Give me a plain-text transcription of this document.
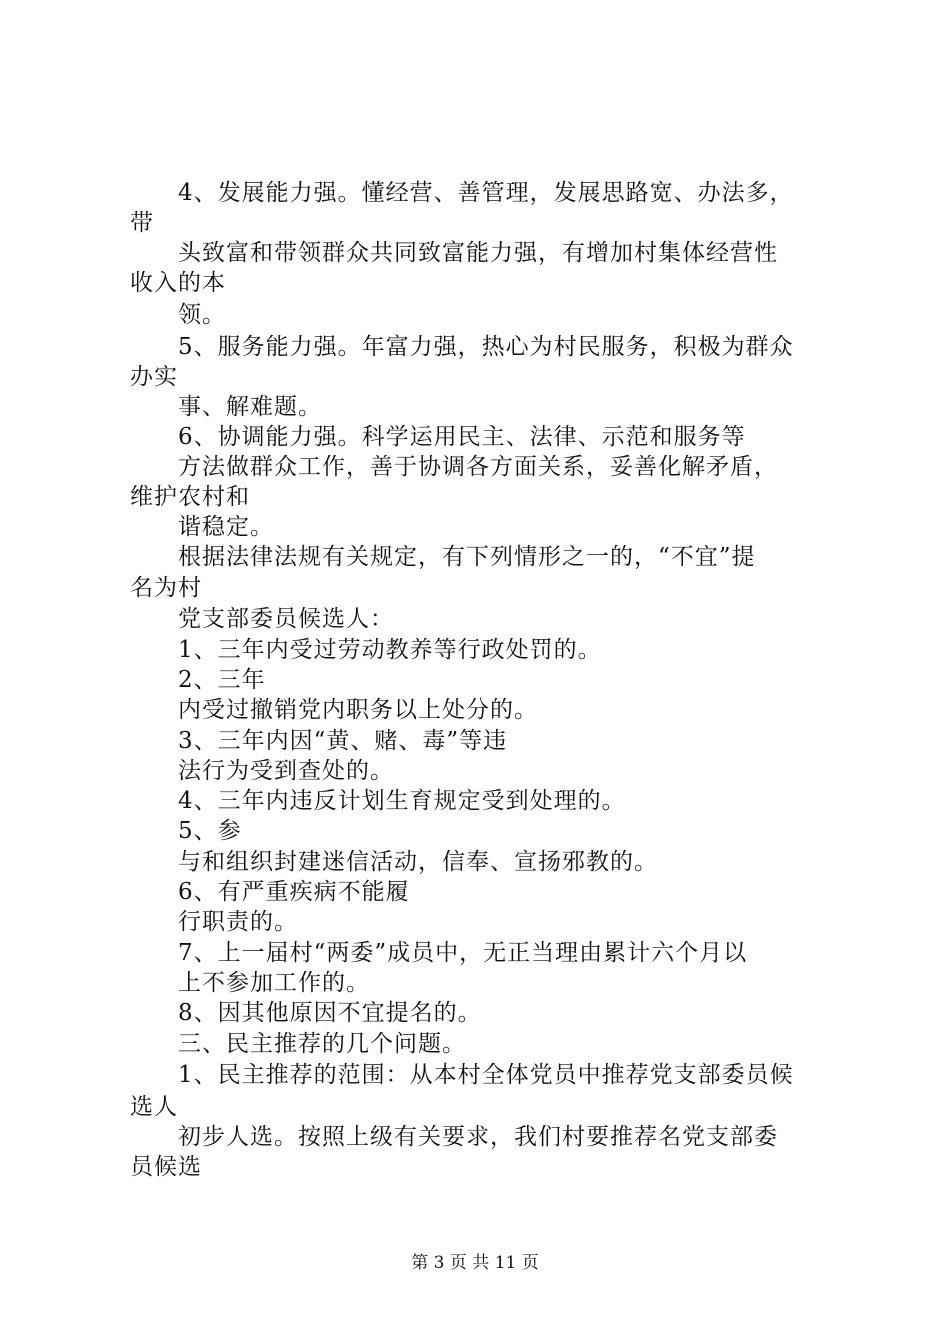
4、发展能力强。懂经营、善管理，发展思路宽、办法多，
带
头致富和带领群众共同致富能力强，有增加村集体经营性
收入的本
领。
5、服务能力强。年富力强，热心为村民服务，积极为群众
办实
事、解难题。
6、协调能力强。科学运用民主、法律、示范和服务等
方法做群众工作，善于协调各方面关系，妥善化解矛盾，
维护农村和
谐稳定。
根据法律法规有关规定，有下列情形之一的，“不宜”提
名为村
党支部委员候选人：
1、三年内受过劳动教养等行政处罚的。
2、三年
内受过撤销党内职务以上处分的。
3、三年内因“黄、赌、毒”等违
法行为受到查处的。
4、三年内违反计划生育规定受到处理的。
5、参
与和组织封建迷信活动，信奉、宣扬邪教的。
6、有严重疾病不能履
行职责的。
7、上一届村“两委”成员中，无正当理由累计六个月以
上不参加工作的。
8、因其他原因不宜提名的。
三、民主推荐的几个问题。
1、民主推荐的范围：从本村全体党员中推荐党支部委员候
选人
初步人选。按照上级有关要求，我们村要推荐名党支部委
员候选
第 3 页 共 11 页
